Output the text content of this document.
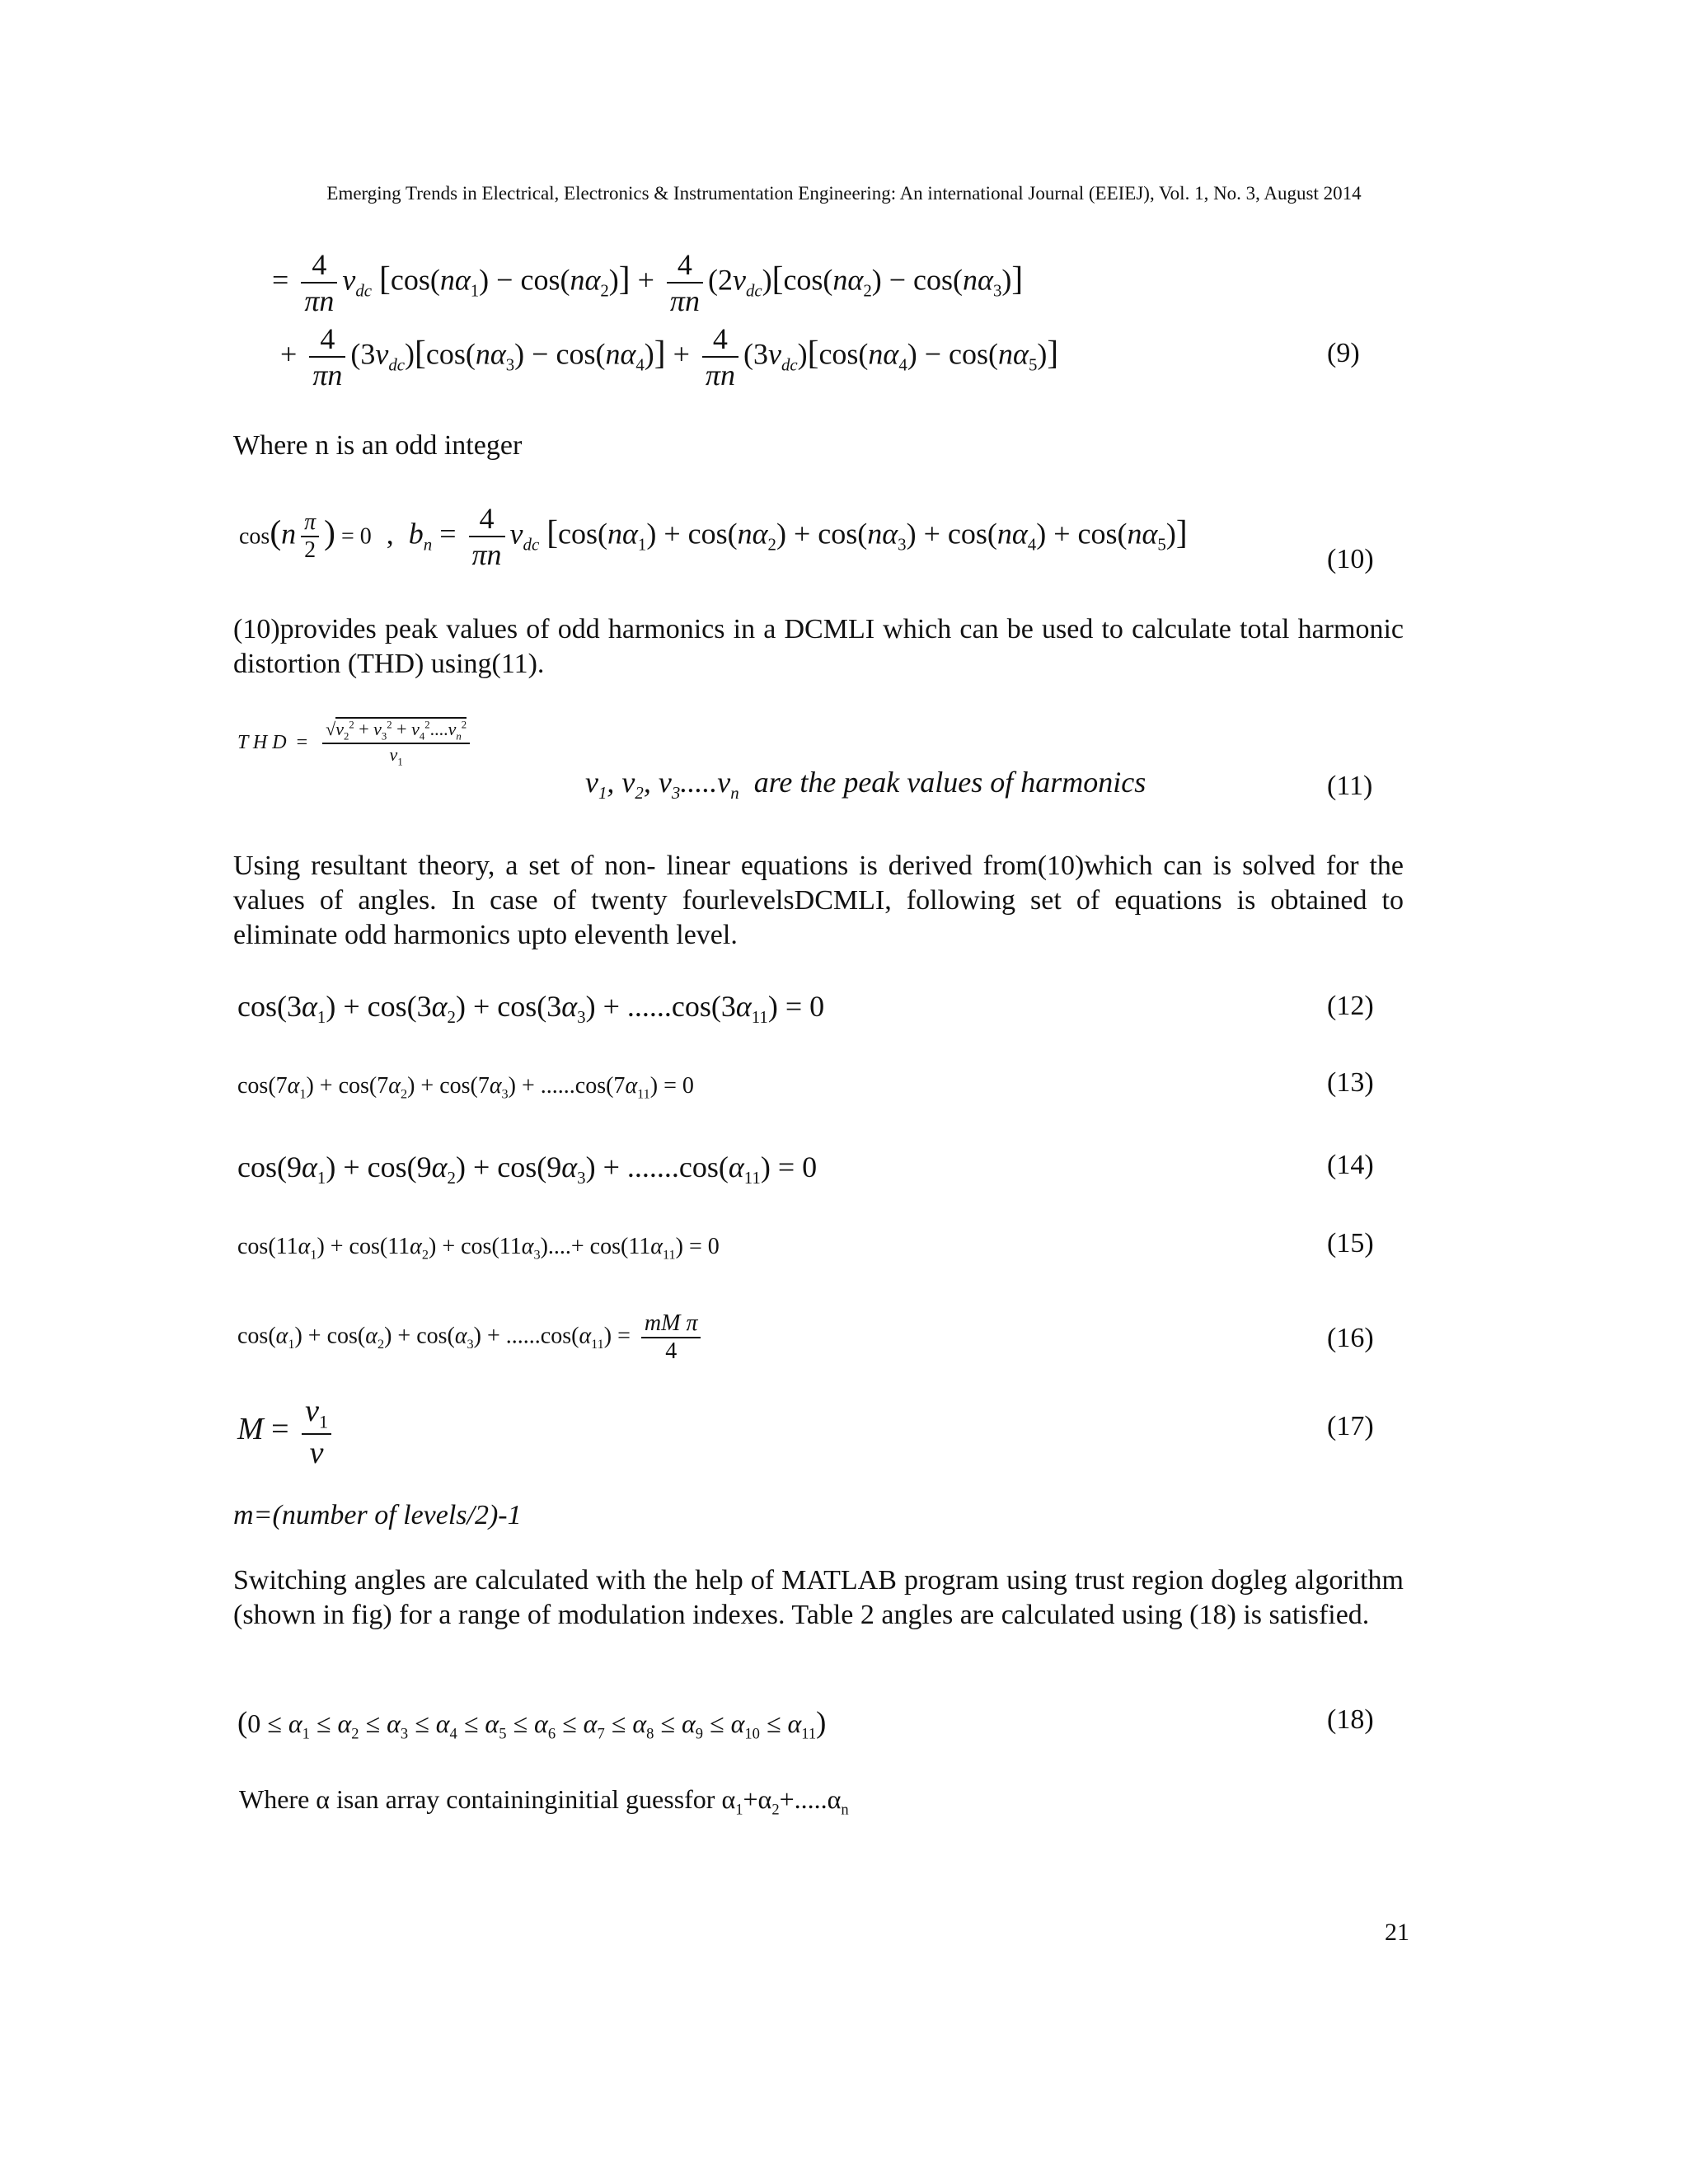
Emerging Trends in Electrical, Electronics & Instrumentation Engineering: An international Journal (EEIEJ), Vol. 1, No. 3, August 2014
= $\frac{4}{\pi n} v_{dc}$ $[\cos(n\alpha_1) - \cos(n\alpha_2)] + \frac{4}{\pi n} (2v_{dc})[\cos(n\alpha_2) - \cos(n\alpha_3)]$
+ $\frac{4}{\pi n} (3v_{dc})[\cos(n\alpha_3) - \cos(n\alpha_4)] + \frac{4}{\pi n} (3v_{dc})[\cos(n\alpha_4) - \cos(n\alpha_5)]$	(9)
Where n is an odd integer
$\cos(n \frac{\pi}{2}$ ) = 0  ,  $b_n = \frac{4}{\pi n} v_{dc}$ $[\cos(n\alpha_1) + \cos(n\alpha_2) + \cos(n\alpha_3) + \cos(n\alpha_4) + \cos(n\alpha_5)]$
(10)
(10)provides peak values of odd harmonics in a DCMLI which can be used to calculate total harmonic distortion (THD) using(11).
T H $D = \frac{√v_2^2 + v_3^2 + v_4^2....v_n^2}{v_1}$
$v_1$, $v_2$, $v_3.....v_n$ are the peak values of harmonics	(11)
Using resultant theory, a set of non- linear equations is derived from(10)which can is solved for the values of angles. In case of twenty fourlevelsDCMLI, following set of equations is obtained to eliminate odd harmonics upto eleventh level.
$\cos(3\alpha_1) + \cos(3\alpha_2) + \cos(3\alpha_3) + ......\cos(3\alpha_{11}) = 0$	(12)
$\cos(7\alpha_1) + \cos(7\alpha_2) + \cos(7\alpha_3) + ......\cos(7\alpha_{11}) = 0$	(13)
$\cos(9\alpha_1) + \cos(9\alpha_2) + \cos(9\alpha_3) + .......\cos(\alpha_{11}) = 0$	(14)
$\cos(11\alpha_1) + \cos(11\alpha_2) + \cos(11\alpha_3)....+ \cos(11\alpha_{11}) = 0$	(15)
$\cos(\alpha_1) + \cos(\alpha_2) + \cos(\alpha_3) + ......\cos(\alpha_{11}) = \frac{\text{mM π}}{4}$	(16)
$M = \frac{v_1}{v}$	(17)
m=(number of levels/2)-1
Switching angles are calculated with the help of MATLAB program using trust region dogleg algorithm (shown in fig) for a range of modulation indexes. Table 2 angles are calculated using (18) is satisfied.
$(0 \le \alpha_1 \le \alpha_2 \le \alpha_3 \le \alpha_4 \le \alpha_5 \le \alpha_6 \le \alpha_7 \le \alpha_8 \le \alpha_9 \le \alpha_{10} \le \alpha_{11})$	(18)
Where α isan array containinginitial guessfor $\alpha_1+\alpha_2+.....\alpha_n$
21
